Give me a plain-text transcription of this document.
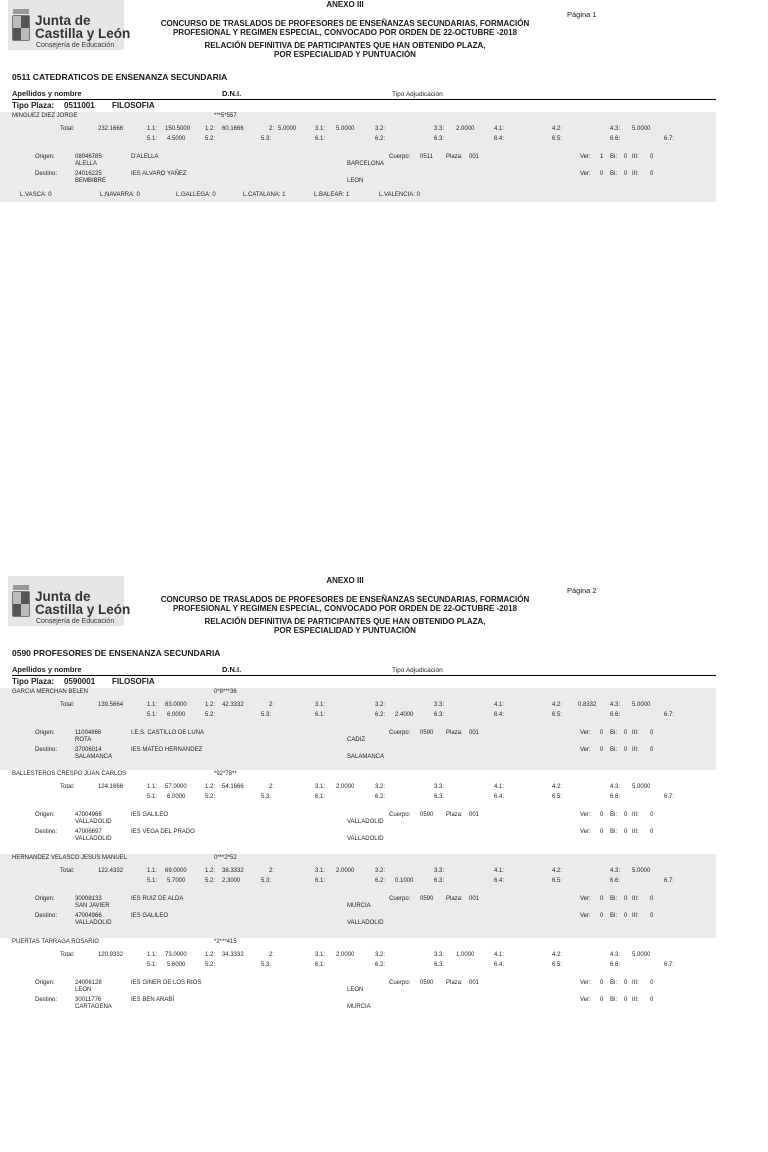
Junta de
Castilla y León
Consejería de Educación
ANEXO III
Página 1
CONCURSO DE TRASLADOS DE PROFESORES DE ENSEÑANZAS SECUNDARIAS, FORMACIÓN
PROFESIONAL Y REGIMEN ESPECIAL, CONVOCADO POR ORDEN DE 22-OCTUBRE -2018
RELACIÓN DEFINITIVA DE PARTICIPANTES QUE HAN OBTENIDO PLAZA,
POR ESPECIALIDAD Y PUNTUACIÓN
0511 CATEDRATICOS DE ENSENANZA SECUNDARIA
Apellidos y nombre	D.N.I.	Tipo Adjudicación
Tipo Plaza: 0511001 FILOSOFIA
MINGUEZ DIEZ JORGE	***5*557
Total:	232.1666	1.1: 150.5000 1.2: 60.1666	2: 5.0000	3.1: 5.0000	3.2:	3.3: 2.0000	4.1:	4.2:	4.3: 5.0000
5.1: 4.5000	5.2:	5.3:	6.1:	6.2:	6.3:	6.4:	6.5:	6.6:	6.7:
Origen:	08046785
ALELLA
D'ALELLA
BARCELONA
Cuerpo: 0511 Plaza: 001	Ver: 1 Bi: 0 III: 0
Destino:	24016225
BEMBIBRE
IES ALVARO YAÑEZ
LEON
Ver: 0 Bi: 0 III: 0
L.VASCA: 0	L.NAVARRA: 0	L.GALLEGA: 0	L.CATALANA: 1	L.BALEAR: 1	L.VALENCIA: 0
Junta de
Castilla y León
Consejería de Educación
ANEXO III
Página 2
CONCURSO DE TRASLADOS DE PROFESORES DE ENSEÑANZAS SECUNDARIAS, FORMACIÓN
PROFESIONAL Y REGIMEN ESPECIAL, CONVOCADO POR ORDEN DE 22-OCTUBRE -2018
RELACIÓN DEFINITIVA DE PARTICIPANTES QUE HAN OBTENIDO PLAZA,
POR ESPECIALIDAD Y PUNTUACIÓN
0590 PROFESORES DE ENSENANZA SECUNDARIA
Apellidos y nombre	D.N.I.	Tipo Adjudicación
Tipo Plaza: 0590001 FILOSOFIA
GARCIA MERCHAN BELEN	0*8***36
Total:	139.5664	1.1: 83.0000	1.2: 42.3332	2:	3.1:	3.2:	3.3:	4.1:	4.2:	0.8332 4.3: 5.0000
5.1: 6.0000	5.2:	5.3:	6.1:	6.2: 2.4000	6.3:	6.4:	6.5:	6.6:	6.7:
Origen:	11004866
ROTA
I.E.S. CASTILLO DE LUNA
CADIZ
Cuerpo: 0590 Plaza: 001	Ver: 0 Bi: 0 III: 0
Destino:	37006014
SALAMANCA
IES MATEO HERNANDEZ
SALAMANCA
Ver: 0 Bi: 0 III: 0
BALLESTEROS CRESPO JUAN CARLOS	*92*78**
Total:	124.1666	1.1: 57.0000	1.2: 54.1666	2:	3.1: 2.0000	3.2:	3.3:	4.1:	4.2:	4.3: 5.0000
5.1: 6.0000	5.2:	5.3:	6.1:	6.2:	6.3:	6.4:	6.5:	6.6:	6.7:
Origen:	47004966
VALLADOLID
IES GALILEO
VALLADOLID
Cuerpo: 0590 Plaza: 001	Ver: 0 Bi: 0 III: 0
Destino:	47006697
VALLADOLID
IES VEGA DEL PRADO
VALLADOLID
Ver: 0 Bi: 0 III: 0
HERNANDEZ VELASCO JESUS MANUEL	0***2*52
Total:	122.4332	1.1: 69.0000	1.2: 38.3332	2:	3.1: 2.0000	3.2:	3.3:	4.1:	4.2:	4.3: 5.0000
5.1: 5.7000	5.2: 2.3000	5.3:	6.1:	6.2: 0.1000	6.3:	6.4:	6.5:	6.6:	6.7:
Origen:	30008133
SAN JAVIER
IES RUIZ DE ALDA
MURCIA
Cuerpo: 0590 Plaza: 001	Ver: 0 Bi: 0 III: 0
Destino:	47004966
VALLADOLID
IES GALILEO
VALLADOLID
Ver: 0 Bi: 0 III: 0
PUERTAS TARRAGA ROSARIO	*2***415
Total:	120.9332	1.1: 73.0000	1.2: 34.3332	2:	3.1: 2.0000	3.2:	3.3: 1.0000	4.1:	4.2:	4.3: 5.0000
5.1: 5.6000	5.2:	5.3:	6.1:	6.2:	6.3:	6.4:	6.5:	6.6:	6.7:
Origen:	24006128
LEON
IES GINER DE LOS RIOS
LEON
Cuerpo: 0590 Plaza: 001	Ver: 0 Bi: 0 III: 0
Destino:	30011776
CARTAGENA
IES BEN ARABÍ
MURCIA
Ver: 0 Bi: 0 III: 0
